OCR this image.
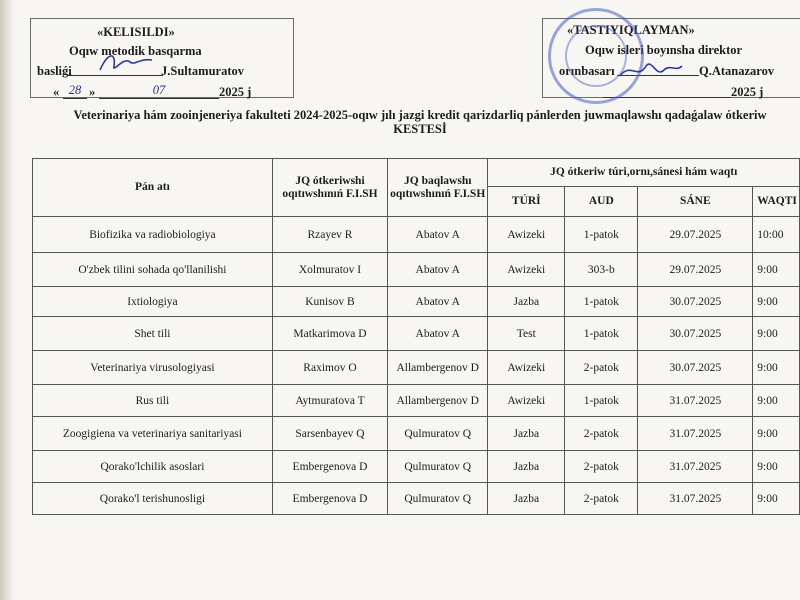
«KELISILDI»
Oqıw metodik basqarma
basliǵi	J.Sultamuratov
« 28 »	07	2025 j
«TASTIYIQLAYMAN»
Oqıw isleri boyınsha direktor
orınbasarı	Q.Atanazarov
2025 j
Veterinariya hám zooinjeneriya fakulteti 2024-2025-oqıw jılı jazgi kredit qarizdarliq pánlerden juwmaqlawshı qadaǵalaw ótkeriw
KESTESİ
Pán atı	JQ ótkeriwshi oqıtıwshınıń F.I.SH	JQ baqlawshı oqıtıwshınıń F.I.SH	JQ ótkeriw túri,ornı,sánesi hám waqtı			
			TÚRİ	AUD	SÁNE	WAQTI
Biofizika va radiobiologiya	Rzayev R	Abatov A	Awizeki	1-patok	29.07.2025	10:00
O'zbek tilini sohada qo'llanilishi	Xolmuratov I	Abatov A	Awizeki	303-b	29.07.2025	9:00
Ixtiologiya	Kunisov B	Abatov A	Jazba	1-patok	30.07.2025	9:00
Shet tili	Matkarimova D	Abatov A	Test	1-patok	30.07.2025	9:00
Veterinariya virusologiyasi	Raximov O	Allambergenov D	Awizeki	2-patok	30.07.2025	9:00
Rus tili	Aytmuratova T	Allambergenov D	Awizeki	1-patok	31.07.2025	9:00
Zoogigiena va veterinariya sanitariyasi	Sarsenbayev Q	Qulmuratov Q	Jazba	2-patok	31.07.2025	9:00
Qorako'lchilik asoslari	Embergenova D	Qulmuratov Q	Jazba	2-patok	31.07.2025	9:00
Qorako'l terishunosligi	Embergenova D	Qulmuratov Q	Jazba	2-patok	31.07.2025	9:00
